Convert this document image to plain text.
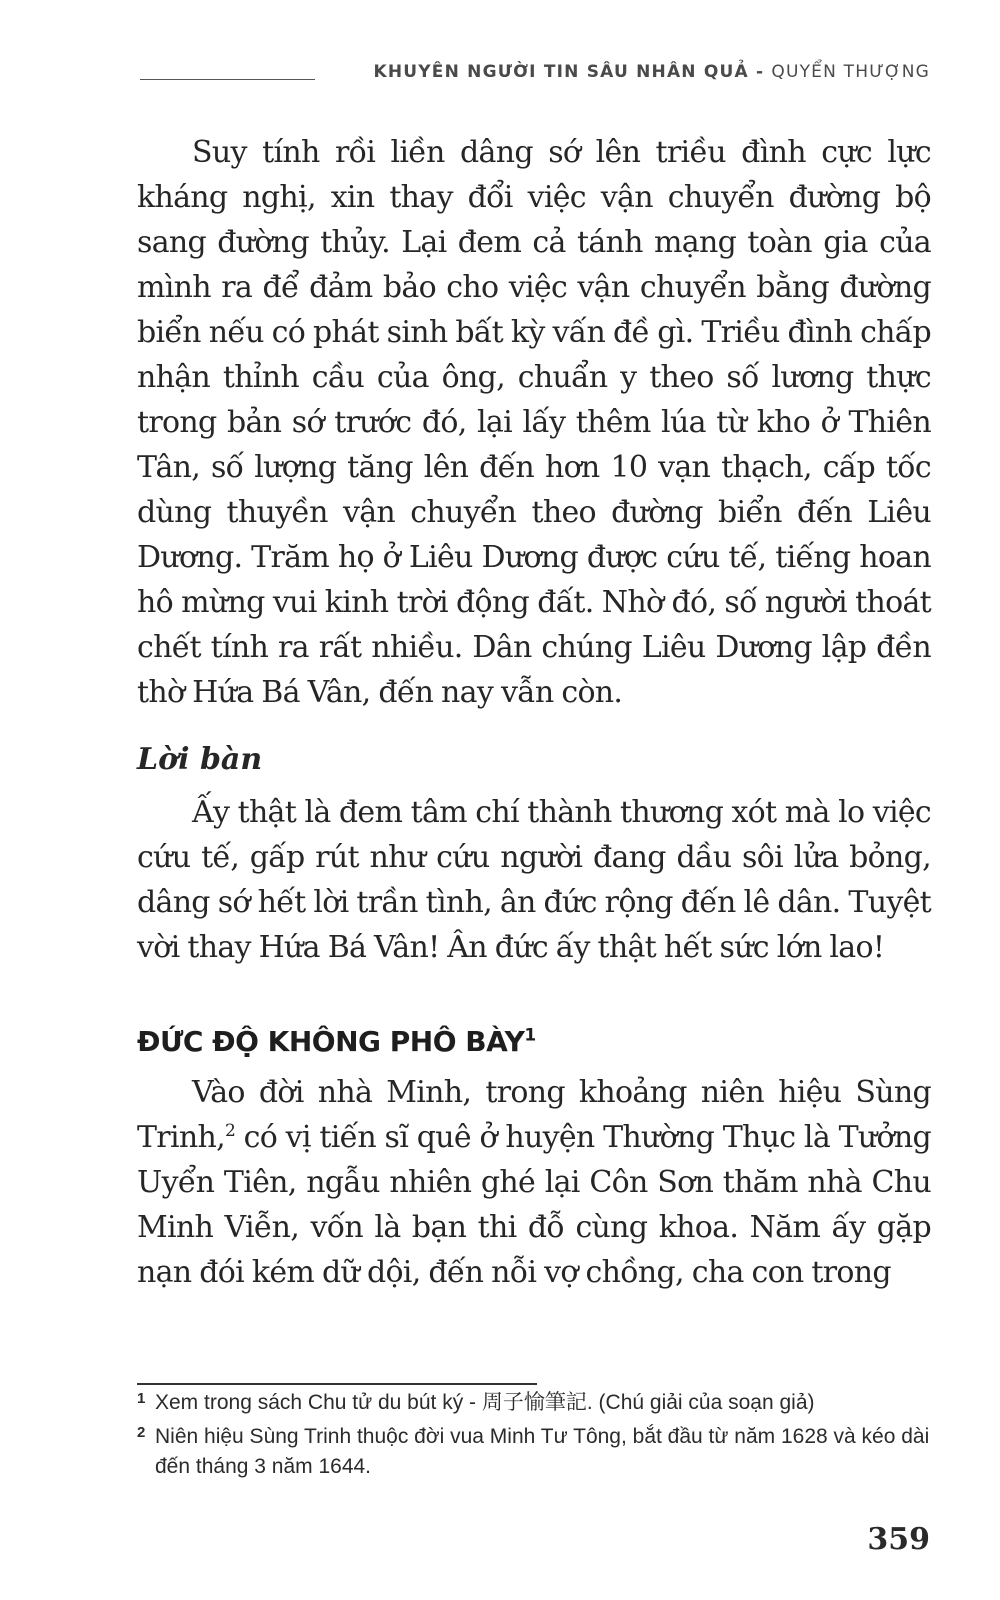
KHUYÊN NGƯỜI TIN SÂU NHÂN QUẢ - QUYỂN THƯỢNG

Suy tính rồi liền dâng sớ lên triều đình cực lực kháng nghị, xin thay đổi việc vận chuyển đường bộ sang đường thủy. Lại đem cả tánh mạng toàn gia của mình ra để đảm bảo cho việc vận chuyển bằng đường biển nếu có phát sinh bất kỳ vấn đề gì. Triều đình chấp nhận thỉnh cầu của ông, chuẩn y theo số lương thực trong bản sớ trước đó, lại lấy thêm lúa từ kho ở Thiên Tân, số lượng tăng lên đến hơn 10 vạn thạch, cấp tốc dùng thuyền vận chuyển theo đường biển đến Liêu Dương. Trăm họ ở Liêu Dương được cứu tế, tiếng hoan hô mừng vui kinh trời động đất. Nhờ đó, số người thoát chết tính ra rất nhiều. Dân chúng Liêu Dương lập đền thờ Hứa Bá Vân, đến nay vẫn còn.

Lời bàn

Ấy thật là đem tâm chí thành thương xót mà lo việc cứu tế, gấp rút như cứu người đang dầu sôi lửa bỏng, dâng sớ hết lời trần tình, ân đức rộng đến lê dân. Tuyệt vời thay Hứa Bá Vân! Ân đức ấy thật hết sức lớn lao!

ĐỨC ĐỘ KHÔNG PHÔ BÀY$^1$

Vào đời nhà Minh, trong khoảng niên hiệu Sùng Trinh,$^2$ có vị tiến sĩ quê ở huyện Thường Thục là Tưởng Uyển Tiên, ngẫu nhiên ghé lại Côn Sơn thăm nhà Chu Minh Viễn, vốn là bạn thi đỗ cùng khoa. Năm ấy gặp nạn đói kém dữ dội, đến nỗi vợ chồng, cha con trong

1 Xem trong sách Chu tử du bút ký - 周子愉筆記. (Chú giải của soạn giả)

2 Niên hiệu Sùng Trinh thuộc đời vua Minh Tư Tông, bắt đầu từ năm 1628 và kéo dài đến tháng 3 năm 1644.

359
